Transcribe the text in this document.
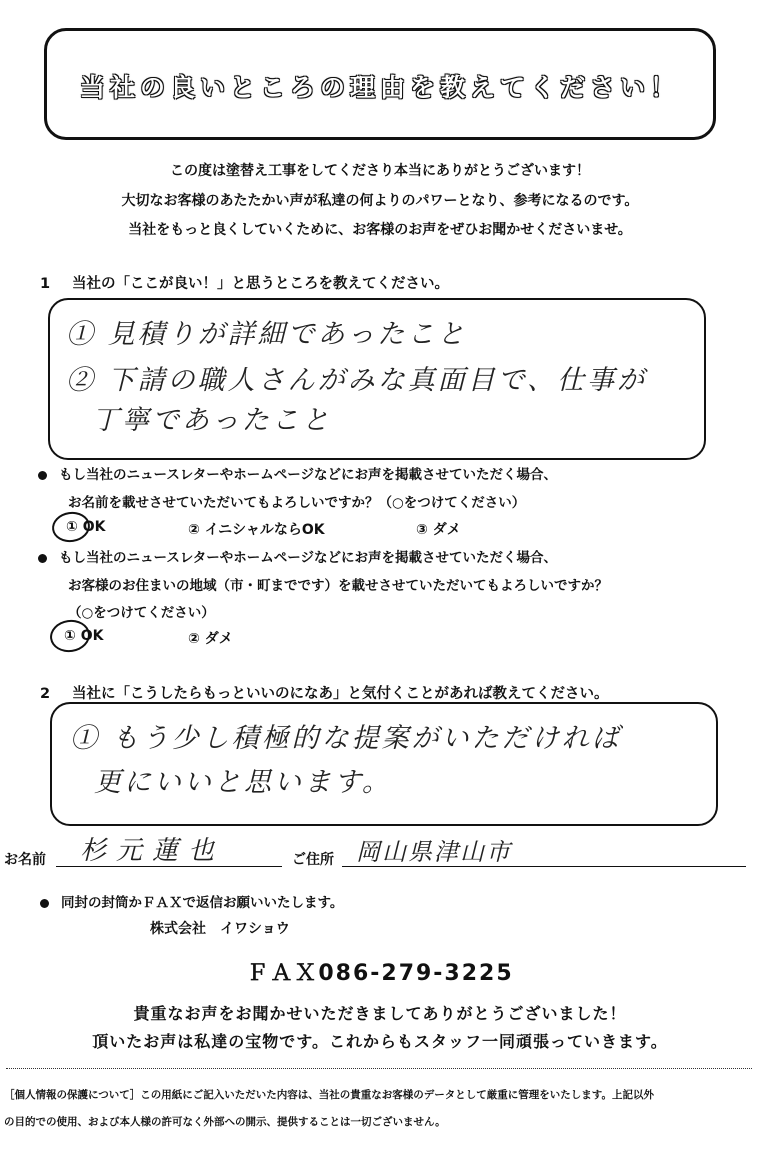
当社の良いところの理由を教えてください！
この度は塗替え工事をしてくださり本当にありがとうございます！
大切なお客様のあたたかい声が私達の何よりのパワーとなり、参考になるのです。
当社をもっと良くしていくために、お客様のお声をぜひお聞かせくださいませ。
1 当社の「ここが良い！」と思うところを教えてください。
① 見積りが詳細であったこと
② 下請の職人さんがみな真面目で、仕事が
丁寧であったこと
もし当社のニュースレターやホームページなどにお声を掲載させていただく場合、
お名前を載せさせていただいてもよろしいですか？（○をつけてください）
① OK	② イニシャルならOK	③ ダメ
もし当社のニュースレターやホームページなどにお声を掲載させていただく場合、
お客様のお住まいの地域（市・町までです）を載せさせていただいてもよろしいですか？
（○をつけてください）
① OK	② ダメ
2 当社に「こうしたらもっといいのになあ」と気付くことがあれば教えてください。
① もう少し積極的な提案がいただければ
更にいいと思います。
お名前 杉元蓮也	ご住所 岡山県津山市
同封の封筒かＦＡＸで返信お願いいたします。
株式会社　イワショウ
ＦＡＸ086-279-3225
貴重なお声をお聞かせいただきましてありがとうございました！
頂いたお声は私達の宝物です。これからもスタッフ一同頑張っていきます。
［個人情報の保護について］この用紙にご記入いただいた内容は、当社の貴重なお客様のデータとして厳重に管理をいたします。上記以外
の目的での使用、および本人様の許可なく外部への開示、提供することは一切ございません。
